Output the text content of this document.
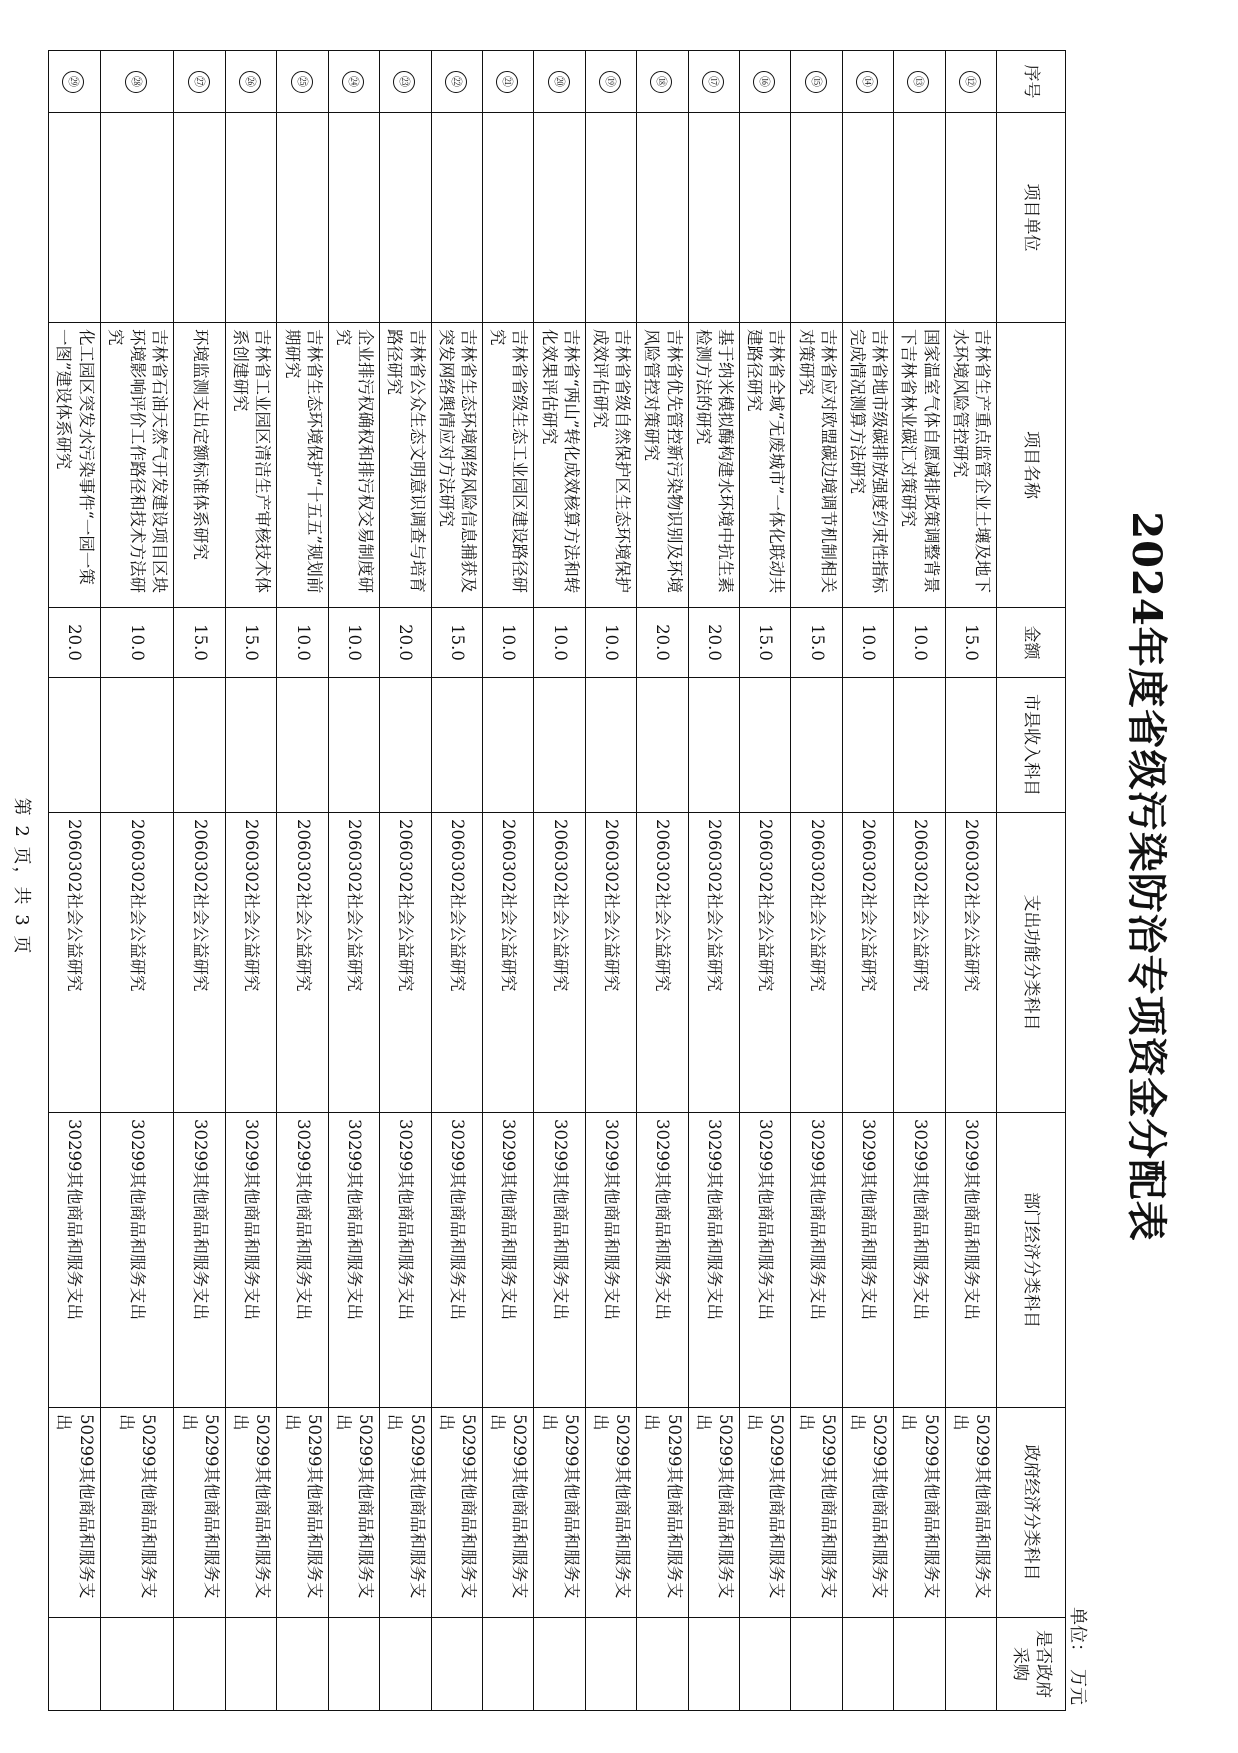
2024年度省级污染防治专项资金分配表
单位：万元
序号	项目单位	项目名称	金额	市县收入科目	支出功能分类科目	部门经济分类科目	政府经济分类科目	是否政府采购
⑫		吉林省生产重点监管企业土壤及地下水环境风险管控研究	15.0		2060302社会公益研究	30299其他商品和服务支出	50299其他商品和服务支出	
⑬		国家温室气体自愿减排政策调整背景下吉林省林业碳汇对策研究	10.0		2060302社会公益研究	30299其他商品和服务支出	50299其他商品和服务支出	
⑭		吉林省地市级碳排放强度约束性指标完成情况测算方法研究	10.0		2060302社会公益研究	30299其他商品和服务支出	50299其他商品和服务支出	
⑮		吉林省应对欧盟碳边境调节机制相关对策研究	15.0		2060302社会公益研究	30299其他商品和服务支出	50299其他商品和服务支出	
⑯		吉林省全域“无废城市”一体化联动共建路径研究	15.0		2060302社会公益研究	30299其他商品和服务支出	50299其他商品和服务支出	
⑰		基于纳米模拟酶构建水环境中抗生素检测方法的研究	20.0		2060302社会公益研究	30299其他商品和服务支出	50299其他商品和服务支出	
⑱		吉林省优先管控新污染物识别及环境风险管控对策研究	20.0		2060302社会公益研究	30299其他商品和服务支出	50299其他商品和服务支出	
⑲		吉林省省级自然保护区生态环境保护成效评估研究	10.0		2060302社会公益研究	30299其他商品和服务支出	50299其他商品和服务支出	
⑳		吉林省“两山”转化成效核算方法和转化效果评估研究	10.0		2060302社会公益研究	30299其他商品和服务支出	50299其他商品和服务支出	
㉑		吉林省省级生态工业园区建设路径研究	10.0		2060302社会公益研究	30299其他商品和服务支出	50299其他商品和服务支出	
㉒		吉林省生态环境网络风险信息捕获及突发网络舆情应对方法研究	15.0		2060302社会公益研究	30299其他商品和服务支出	50299其他商品和服务支出	
㉓		吉林省公众生态文明意识调查与培育路径研究	20.0		2060302社会公益研究	30299其他商品和服务支出	50299其他商品和服务支出	
㉔		企业排污权确权和排污权交易制度研究	10.0		2060302社会公益研究	30299其他商品和服务支出	50299其他商品和服务支出	
㉕		吉林省生态环境保护“十五五”规划前期研究	10.0		2060302社会公益研究	30299其他商品和服务支出	50299其他商品和服务支出	
㉖		吉林省工业园区清洁生产审核技术体系创建研究	15.0		2060302社会公益研究	30299其他商品和服务支出	50299其他商品和服务支出	
㉗		环境监测支出定额标准体系研究	15.0		2060302社会公益研究	30299其他商品和服务支出	50299其他商品和服务支出	
㉘		吉林省石油天然气开发建设项目区块环境影响评价工作路径和技术方法研究	10.0		2060302社会公益研究	30299其他商品和服务支出	50299其他商品和服务支出	
㉙		化工园区突发水污染事件“一园一策一图”建设体系研究	20.0		2060302社会公益研究	30299其他商品和服务支出	50299其他商品和服务支出	
第 2 页，共 3 页
